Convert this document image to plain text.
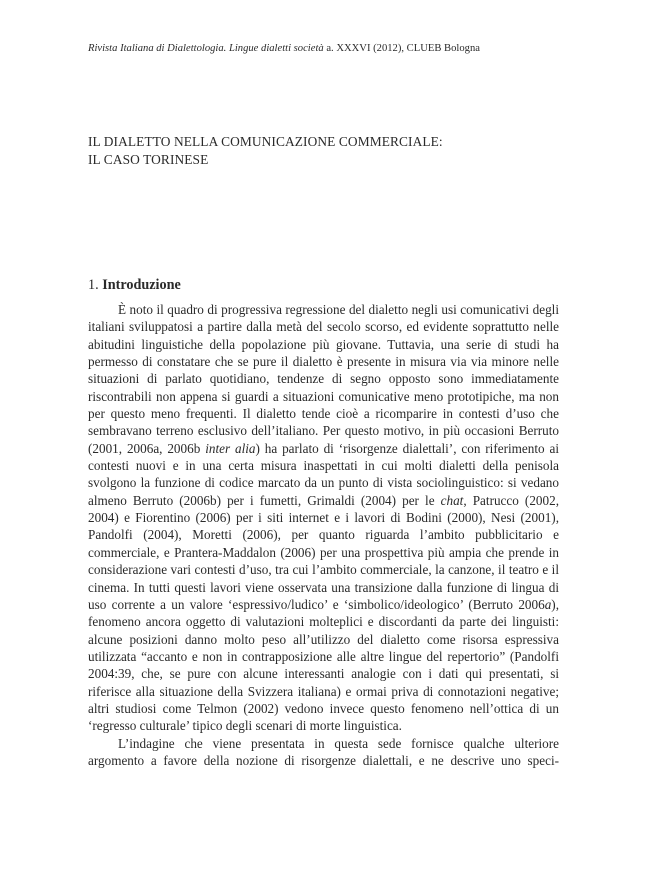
Rivista Italiana di Dialettologia. Lingue dialetti società a. XXXVI (2012), CLUEB Bologna
IL DIALETTO NELLA COMUNICAZIONE COMMERCIALE:
IL CASO TORINESE
1. Introduzione

È noto il quadro di progressiva regressione del dialetto negli usi comunicativi degli italiani sviluppatosi a partire dalla metà del secolo scorso, ed evidente soprattutto nelle abitudini linguistiche della popolazione più giovane. Tuttavia, una serie di studi ha permesso di constatare che se pure il dialetto è presente in misura via via minore nelle situazioni di parlato quotidiano, tendenze di segno opposto sono immediatamente riscontrabili non appena si guardi a situazioni comunicative meno prototipiche, ma non per questo meno frequenti. Il dialetto tende cioè a ricomparire in contesti d’uso che sembravano terreno esclusivo dell’italiano. Per questo motivo, in più occasioni Berruto (2001, 2006a, 2006b inter alia) ha parlato di ‘risorgenze dialettali’, con riferimento ai contesti nuovi e in una certa misura inaspettati in cui molti dialetti della penisola svolgono la funzione di codice marcato da un punto di vista sociolinguistico: si vedano almeno Berruto (2006b) per i fumetti, Grimaldi (2004) per le chat, Patrucco (2002, 2004) e Fiorentino (2006) per i siti internet e i lavori di Bodini (2000), Nesi (2001), Pandolfi (2004), Moretti (2006), per quanto riguarda l’ambito pubblicitario e commerciale, e Prantera-Maddalon (2006) per una prospettiva più ampia che prende in considerazione vari contesti d’uso, tra cui l’ambito commerciale, la canzone, il teatro e il cinema. In tutti questi lavori viene osservata una transizione dalla funzione di lingua di uso corrente a un valore ‘espressivo/ludico’ e ‘simbolico/ideologico’ (Berruto 2006a), fenomeno ancora oggetto di valutazioni molteplici e discordanti da parte dei linguisti: alcune posizioni danno molto peso all’utilizzo del dialetto come risorsa espressiva utilizzata “accanto e non in contrapposizione alle altre lingue del repertorio” (Pandolfi 2004:39, che, se pure con alcune interessanti analogie con i dati qui presentati, si riferisce alla situazione della Svizzera italiana) e ormai priva di connotazioni negative; altri studiosi come Telmon (2002) vedono invece questo fenomeno nell’ottica di un ‘regresso culturale’ tipico degli scenari di morte linguistica.

L’indagine che viene presentata in questa sede fornisce qualche ulteriore argomento a favore della nozione di risorgenze dialettali, e ne descrive uno speci-
